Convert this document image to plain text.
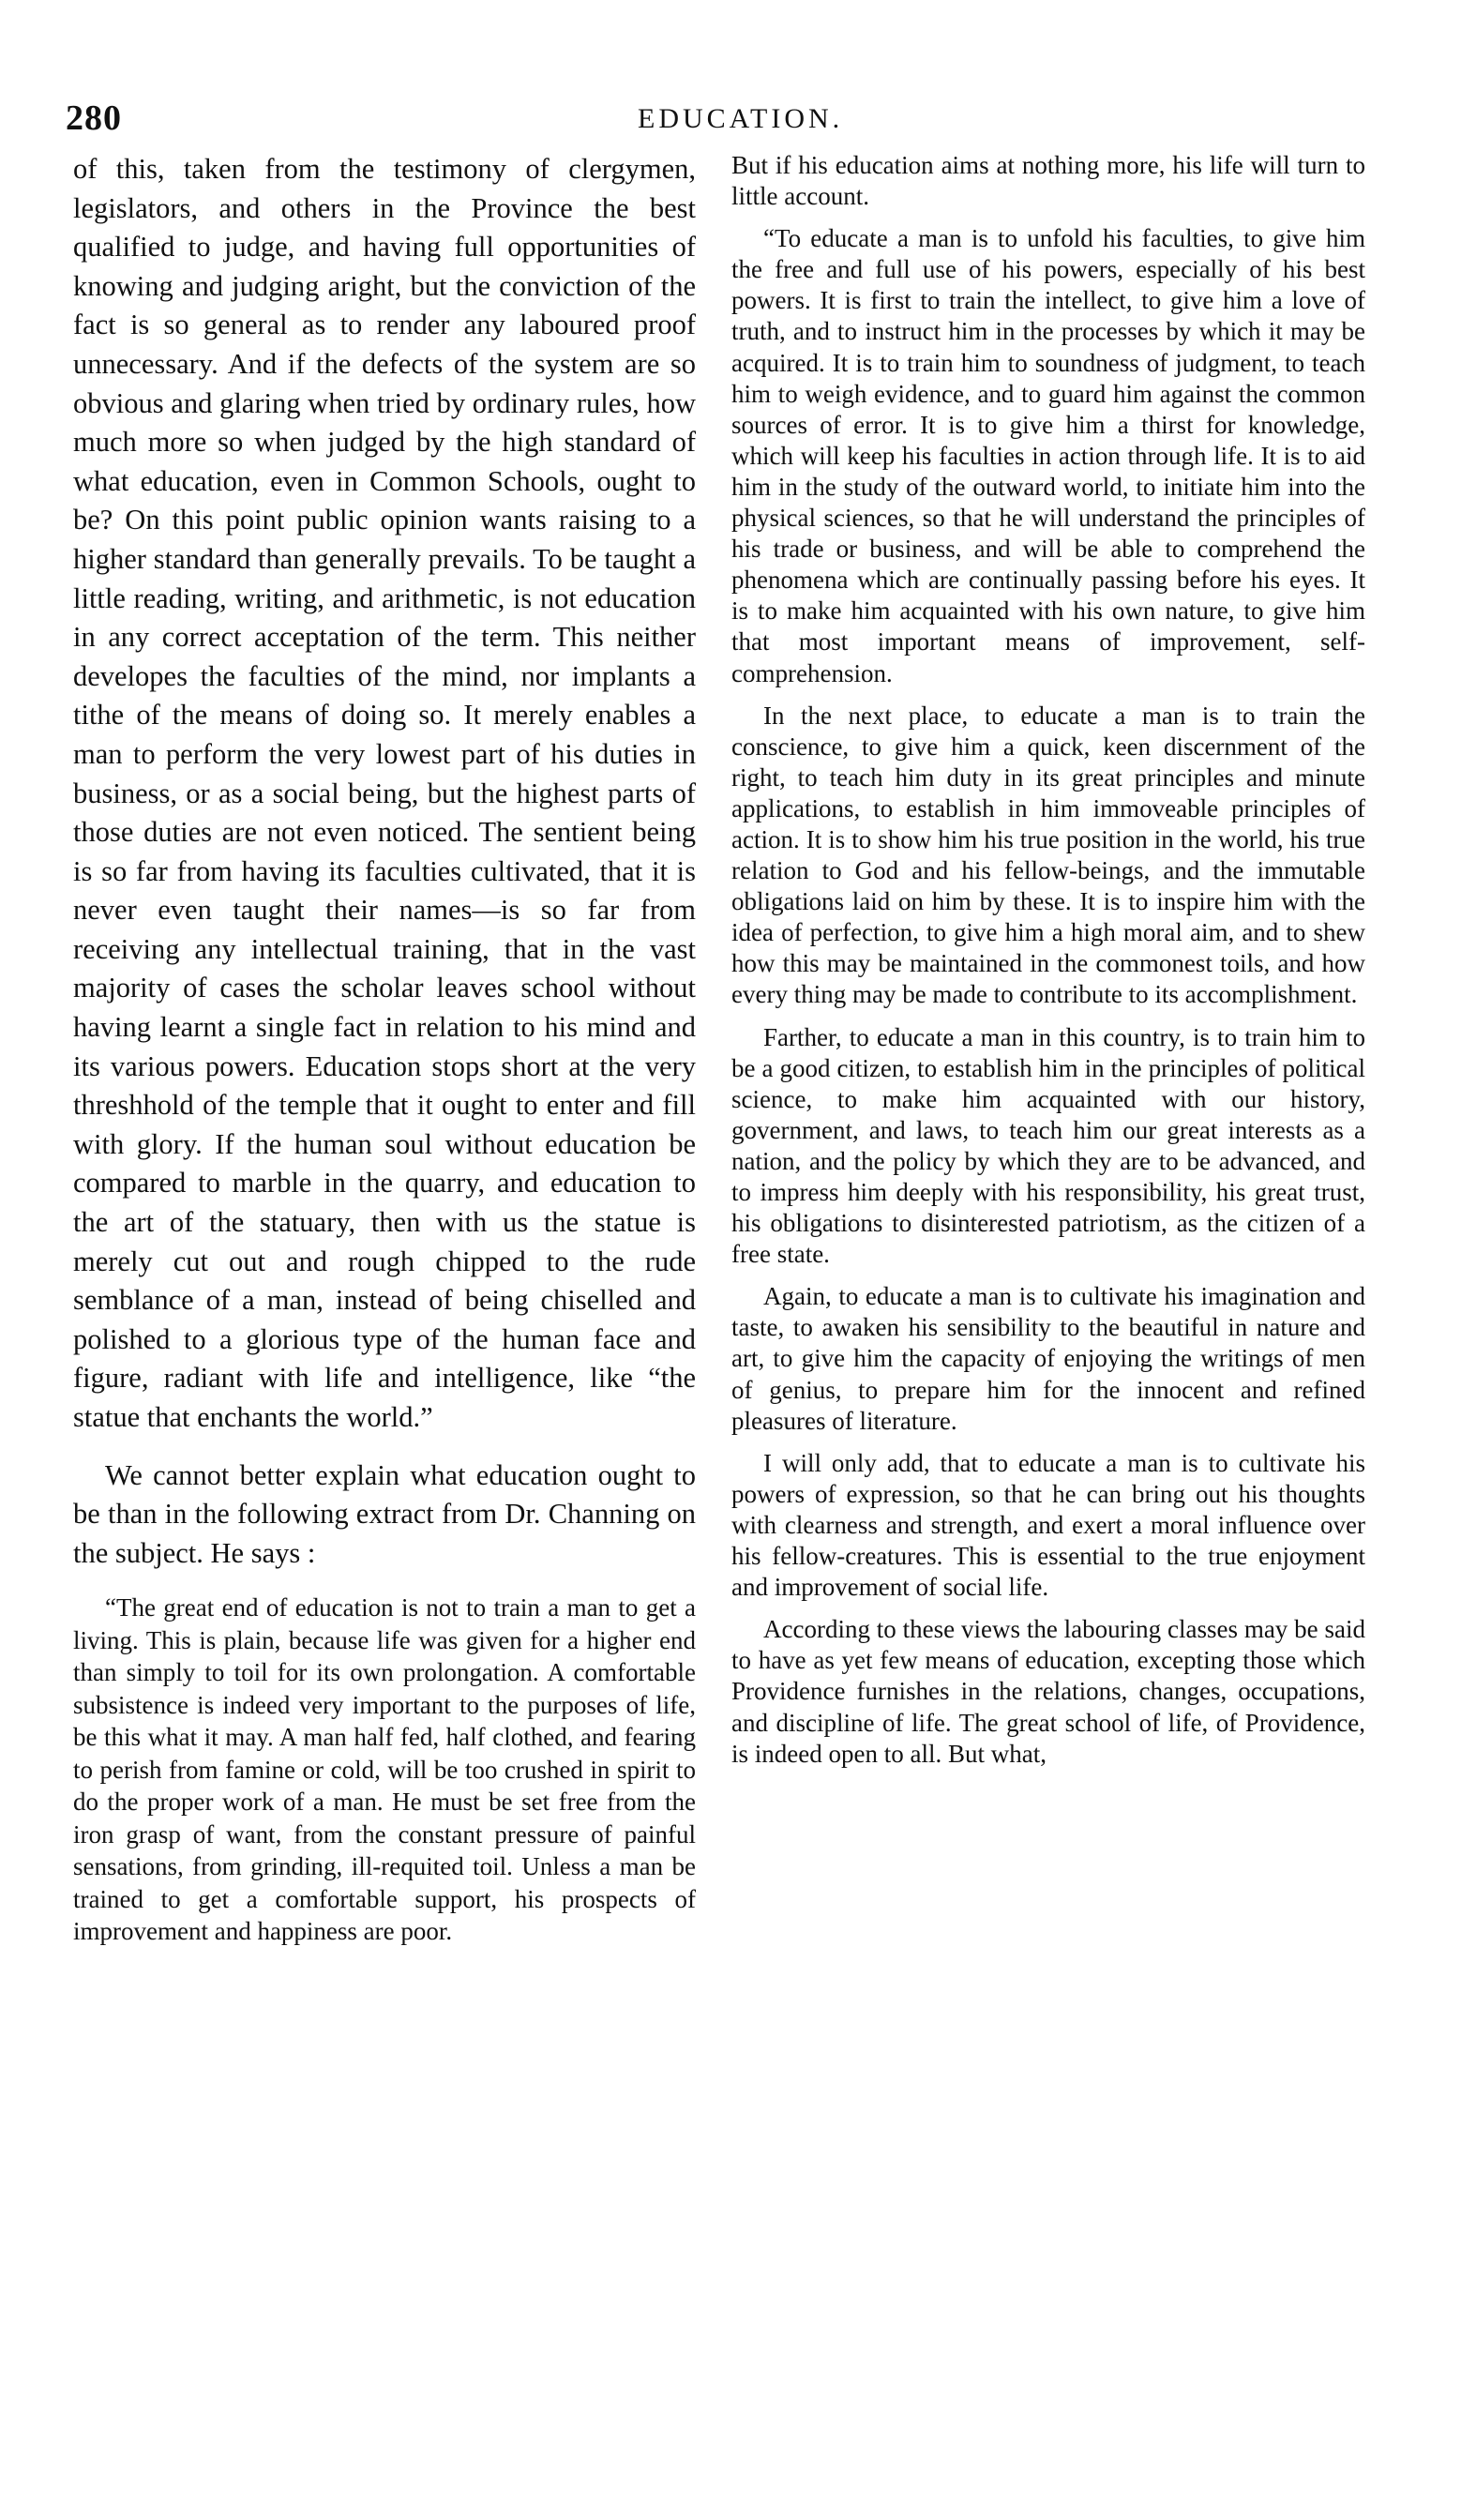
280	EDUCATION.

of this, taken from the testimony of clergymen, legislators, and others in the Province the best qualified to judge, and having full opportunities of knowing and judging aright, but the conviction of the fact is so general as to render any laboured proof unnecessary. And if the defects of the system are so obvious and glaring when tried by ordinary rules, how much more so when judged by the high standard of what education, even in Common Schools, ought to be? On this point public opinion wants raising to a higher standard than generally prevails. To be taught a little reading, writing, and arithmetic, is not education in any correct acceptation of the term. This neither developes the faculties of the mind, nor implants a tithe of the means of doing so. It merely enables a man to perform the very lowest part of his duties in business, or as a social being, but the highest parts of those duties are not even noticed. The sentient being is so far from having its faculties cultivated, that it is never even taught their names—is so far from receiving any intellectual training, that in the vast majority of cases the scholar leaves school without having learnt a single fact in relation to his mind and its various powers. Education stops short at the very threshhold of the temple that it ought to enter and fill with glory. If the human soul without education be compared to marble in the quarry, and education to the art of the statuary, then with us the statue is merely cut out and rough chipped to the rude semblance of a man, instead of being chiselled and polished to a glorious type of the human face and figure, radiant with life and intelligence, like “the statue that enchants the world.”

We cannot better explain what education ought to be than in the following extract from Dr. Channing on the subject. He says :

“The great end of education is not to train a man to get a living. This is plain, because life was given for a higher end than simply to toil for its own prolongation. A comfortable subsistence is indeed very important to the purposes of life, be this what it may. A man half fed, half clothed, and fearing to perish from famine or cold, will be too crushed in spirit to do the proper work of a man. He must be set free from the iron grasp of want, from the constant pressure of painful sensations, from grinding, ill-requited toil. Unless a man be trained to get a comfortable support, his prospects of improvement and happiness are poor.

But if his education aims at nothing more, his life will turn to little account.

“To educate a man is to unfold his faculties, to give him the free and full use of his powers, especially of his best powers. It is first to train the intellect, to give him a love of truth, and to instruct him in the processes by which it may be acquired. It is to train him to soundness of judgment, to teach him to weigh evidence, and to guard him against the common sources of error. It is to give him a thirst for knowledge, which will keep his faculties in action through life. It is to aid him in the study of the outward world, to initiate him into the physical sciences, so that he will understand the principles of his trade or business, and will be able to comprehend the phenomena which are continually passing before his eyes. It is to make him acquainted with his own nature, to give him that most important means of improvement, self-comprehension.

In the next place, to educate a man is to train the conscience, to give him a quick, keen discernment of the right, to teach him duty in its great principles and minute applications, to establish in him immoveable principles of action. It is to show him his true position in the world, his true relation to God and his fellow-beings, and the immutable obligations laid on him by these. It is to inspire him with the idea of perfection, to give him a high moral aim, and to shew how this may be maintained in the commonest toils, and how every thing may be made to contribute to its accomplishment.

Farther, to educate a man in this country, is to train him to be a good citizen, to establish him in the principles of political science, to make him acquainted with our history, government, and laws, to teach him our great interests as a nation, and the policy by which they are to be advanced, and to impress him deeply with his responsibility, his great trust, his obligations to disinterested patriotism, as the citizen of a free state.

Again, to educate a man is to cultivate his imagination and taste, to awaken his sensibility to the beautiful in nature and art, to give him the capacity of enjoying the writings of men of genius, to prepare him for the innocent and refined pleasures of literature.

I will only add, that to educate a man is to cultivate his powers of expression, so that he can bring out his thoughts with clearness and strength, and exert a moral influence over his fellow-creatures. This is essential to the true enjoyment and improvement of social life.

According to these views the labouring classes may be said to have as yet few means of education, excepting those which Providence furnishes in the relations, changes, occupations, and discipline of life. The great school of life, of Providence, is indeed open to all. But what,
